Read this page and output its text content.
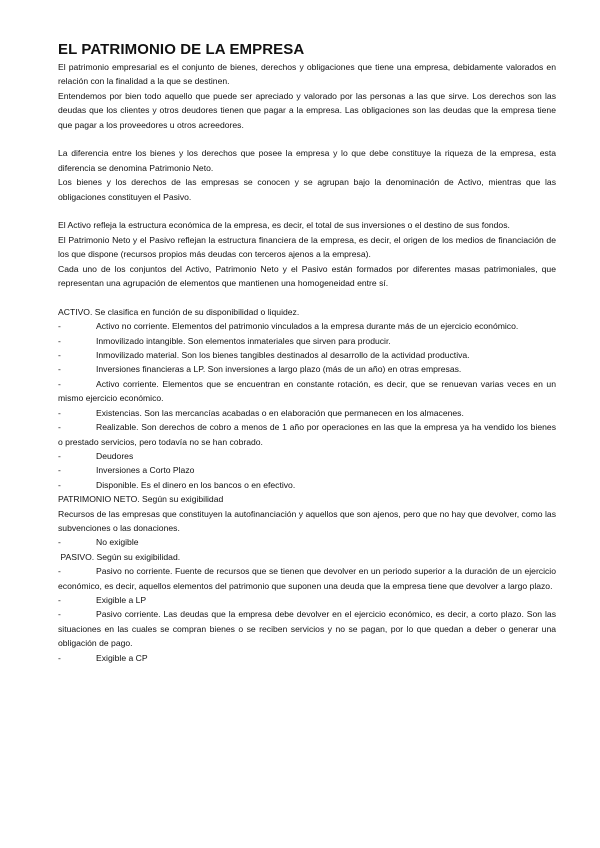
EL PATRIMONIO DE LA EMPRESA

El patrimonio empresarial es el conjunto de bienes, derechos y obligaciones que tiene una empresa, debidamente valorados en relación con la finalidad a la que se destinen.

Entendemos por bien todo aquello que puede ser apreciado y valorado por las personas a las que sirve. Los derechos son las deudas que los clientes y otros deudores tienen que pagar a la empresa. Las obligaciones son las deudas que la empresa tiene que pagar a los proveedores u otros acreedores.

La diferencia entre los bienes y los derechos que posee la empresa y lo que debe constituye la riqueza de la empresa, esta diferencia se denomina Patrimonio Neto.

Los bienes y los derechos de las empresas se conocen y se agrupan bajo la denominación de Activo, mientras que las obligaciones constituyen el Pasivo.

El Activo refleja la estructura económica de la empresa, es decir, el total de sus inversiones o el destino de sus fondos.

El Patrimonio Neto y el Pasivo reflejan la estructura financiera de la empresa, es decir, el origen de los medios de financiación de los que dispone (recursos propios más deudas con terceros ajenos a la empresa).

Cada uno de los conjuntos del Activo, Patrimonio Neto y el Pasivo están formados por diferentes masas patrimoniales, que representan una agrupación de elementos que mantienen una homogeneidad entre sí.

ACTIVO. Se clasifica en función de su disponibilidad o liquidez.

-	Activo no corriente. Elementos del patrimonio vinculados a la empresa durante más de un ejercicio económico.
-	Inmovilizado intangible. Son elementos inmateriales que sirven para producir.
-	Inmovilizado material. Son los bienes tangibles destinados al desarrollo de la actividad productiva.
-	Inversiones financieras a LP. Son inversiones a largo plazo (más de un año) en otras empresas.
-	Activo corriente. Elementos que se encuentran en constante rotación, es decir, que se renuevan varias veces en un mismo ejercicio económico.
-	Existencias. Son las mercancías acabadas o en elaboración que permanecen en los almacenes.
-	Realizable. Son derechos de cobro a menos de 1 año por operaciones en las que la empresa ya ha vendido los bienes o prestado servicios, pero todavía no se han cobrado.
-	Deudores
-	Inversiones a Corto Plazo
-	Disponible. Es el dinero en los bancos o en efectivo.

PATRIMONIO NETO. Según su exigibilidad

Recursos de las empresas que constituyen la autofinanciación y aquellos que son ajenos, pero que no hay que devolver, como las subvenciones o las donaciones.

-	No exigible

PASIVO. Según su exigibilidad.

-	Pasivo no corriente. Fuente de recursos que se tienen que devolver en un periodo superior a la duración de un ejercicio económico, es decir, aquellos elementos del patrimonio que suponen una deuda que la empresa tiene que devolver a largo plazo.
-	Exigible a LP
-	Pasivo corriente. Las deudas que la empresa debe devolver en el ejercicio económico, es decir, a corto plazo. Son las situaciones en las cuales se compran bienes o se reciben servicios y no se pagan, por lo que quedan a deber o generar una obligación de pago.
-	Exigible a CP
